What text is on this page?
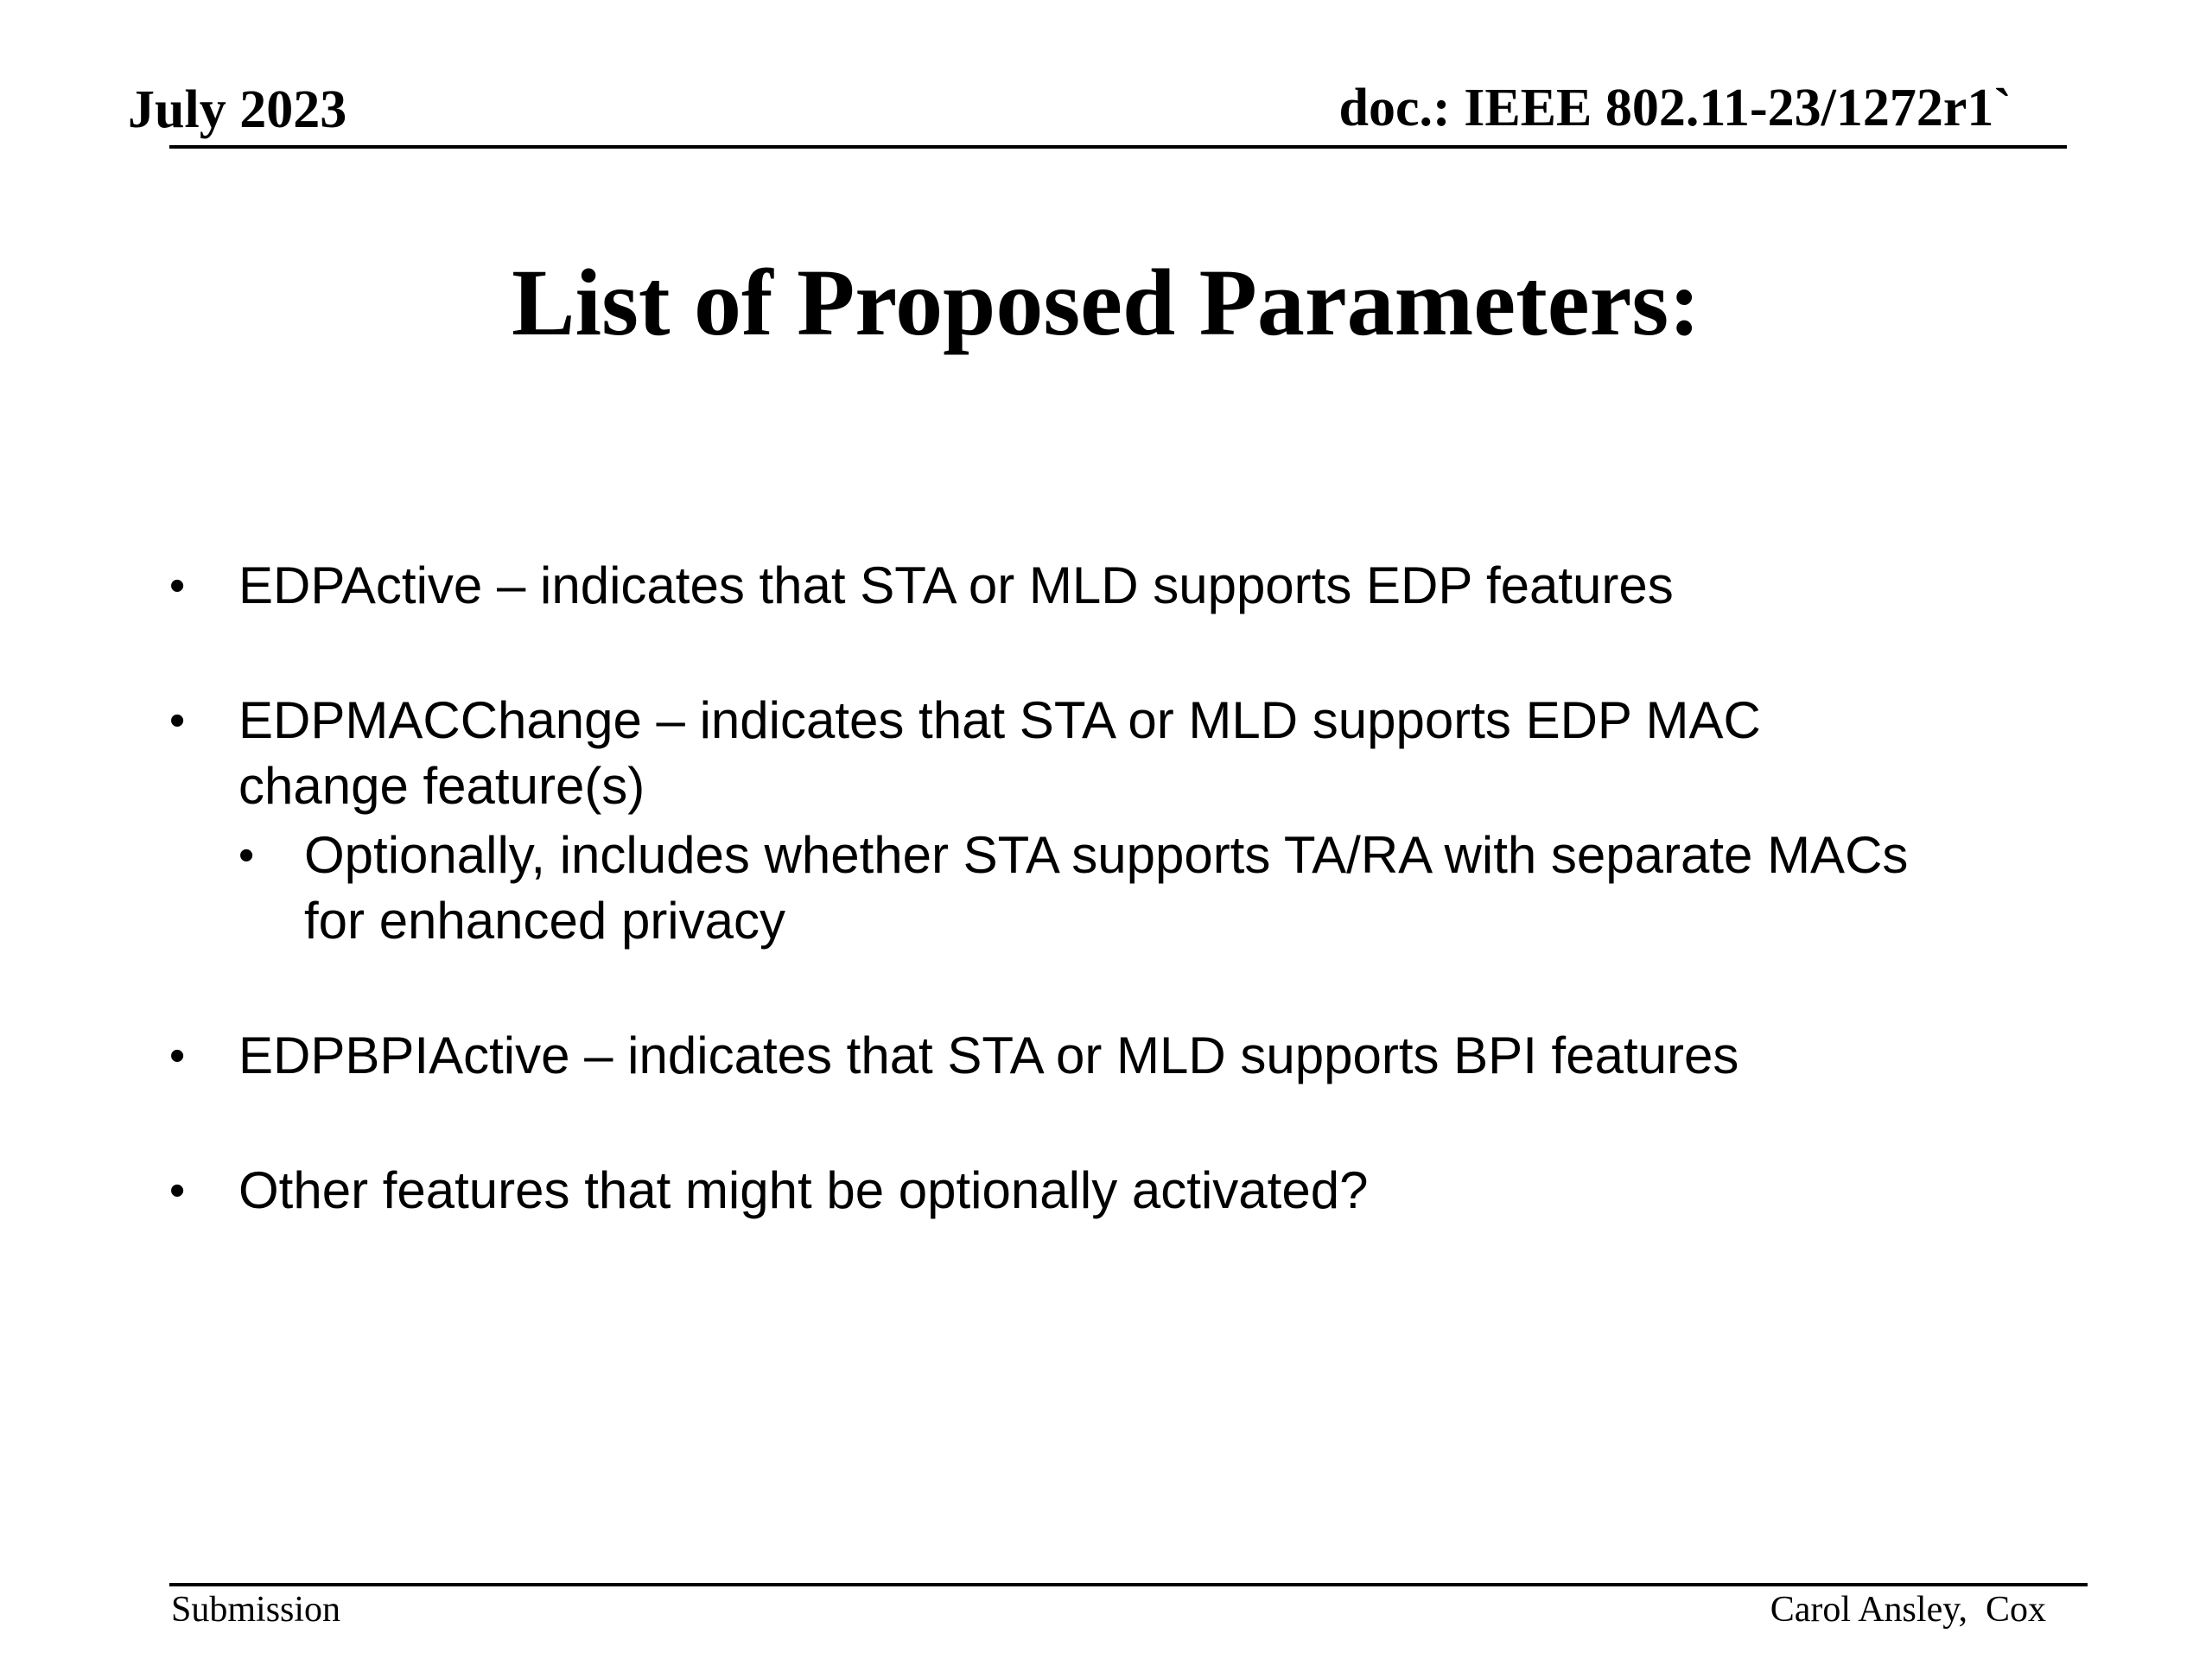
July 2023	doc.: IEEE 802.11-23/1272r1`
List of Proposed Parameters:
• EDPActive – indicates that STA or MLD supports EDP features
• EDPMACChange – indicates that STA or MLD supports EDP MAC
change feature(s)
• Optionally, includes whether STA supports TA/RA with separate MACs
for enhanced privacy
• EDPBPIActive – indicates that STA or MLD supports BPI features
• Other features that might be optionally activated?
Submission	Carol Ansley,  Cox
